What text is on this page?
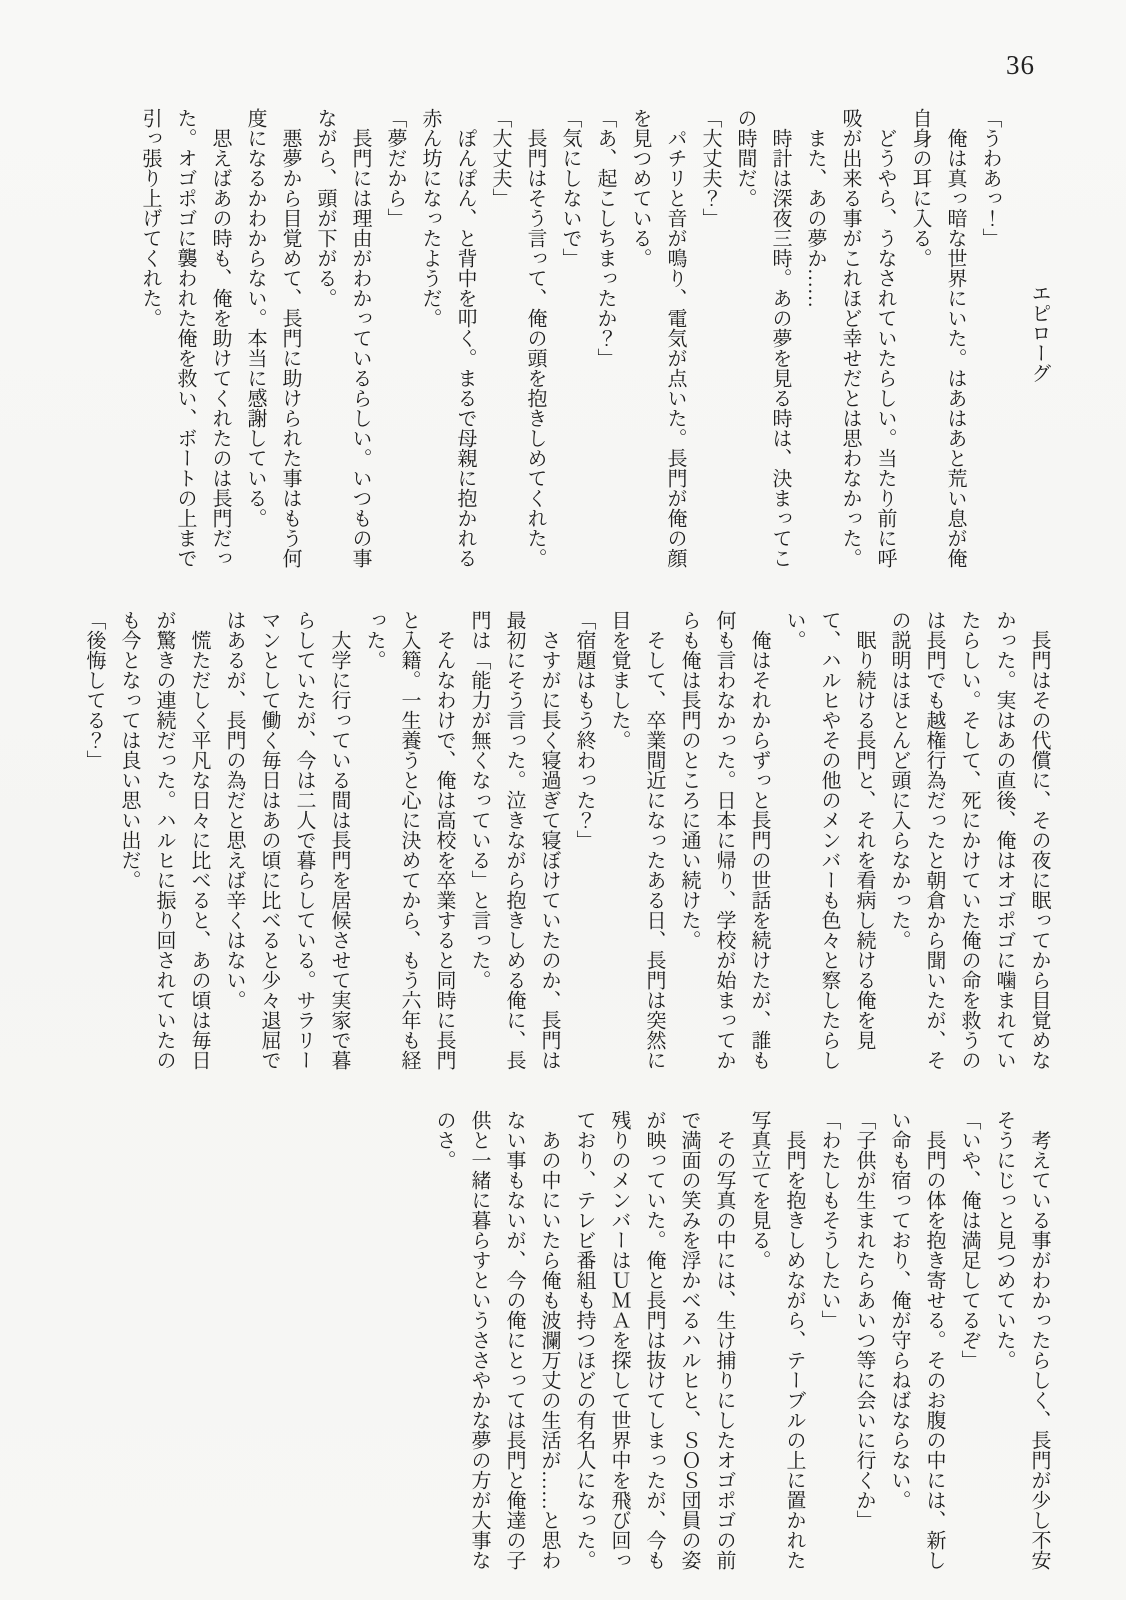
36

エピローグ

「うわあっ！」

俺は真っ暗な世界にいた。はあはあと荒い息が俺自身の耳に入る。

どうやら、うなされていたらしい。当たり前に呼吸が出来る事がこれほど幸せだとは思わなかった。

また、あの夢か……

時計は深夜三時。あの夢を見る時は、決まってこの時間だ。

「大丈夫？」

パチリと音が鳴り、電気が点いた。長門が俺の顔を見つめている。

「あ、起こしちまったか？」

「気にしないで」

長門はそう言って、俺の頭を抱きしめてくれた。

「大丈夫」

ぽんぽん、と背中を叩く。まるで母親に抱かれる赤ん坊になったようだ。

「夢だから」

長門には理由がわかっているらしい。いつもの事ながら、頭が下がる。

悪夢から目覚めて、長門に助けられた事はもう何度になるかわからない。本当に感謝している。

思えばあの時も、俺を助けてくれたのは長門だった。オゴポゴに襲われた俺を救い、ボートの上まで引っ張り上げてくれた。

長門はその代償に、その夜に眠ってから目覚めなかった。実はあの直後、俺はオゴポゴに噛まれていたらしい。そして、死にかけていた俺の命を救うのは長門でも越権行為だったと朝倉から聞いたが、その説明はほとんど頭に入らなかった。

眠り続ける長門と、それを看病し続ける俺を見て、ハルヒやその他のメンバーも色々と察したらしい。

俺はそれからずっと長門の世話を続けたが、誰も何も言わなかった。日本に帰り、学校が始まってからも俺は長門のところに通い続けた。

そして、卒業間近になったある日、長門は突然に目を覚ました。

「宿題はもう終わった？」

さすがに長く寝過ぎて寝ぼけていたのか、長門は最初にそう言った。泣きながら抱きしめる俺に、長門は「能力が無くなっている」と言った。

そんなわけで、俺は高校を卒業すると同時に長門と入籍。一生養うと心に決めてから、もう六年も経った。

大学に行っている間は長門を居候させて実家で暮らしていたが、今は二人で暮らしている。サラリーマンとして働く毎日はあの頃に比べると少々退屈ではあるが、長門の為だと思えば辛くはない。

慌ただしく平凡な日々に比べると、あの頃は毎日が驚きの連続だった。ハルヒに振り回されていたのも今となっては良い思い出だ。

「後悔してる？」

考えている事がわかったらしく、長門が少し不安そうにじっと見つめていた。

「いや、俺は満足してるぞ」

長門の体を抱き寄せる。そのお腹の中には、新しい命も宿っており、俺が守らねばならない。

「子供が生まれたらあいつ等に会いに行くか」

「わたしもそうしたい」

長門を抱きしめながら、テーブルの上に置かれた写真立てを見る。

その写真の中には、生け捕りにしたオゴポゴの前で満面の笑みを浮かべるハルヒと、ＳＯＳ団員の姿が映っていた。俺と長門は抜けてしまったが、今も残りのメンバーはＵＭＡを探して世界中を飛び回っており、テレビ番組も持つほどの有名人になった。

あの中にいたら俺も波瀾万丈の生活が……と思わない事もないが、今の俺にとっては長門と俺達の子供と一緒に暮らすというささやかな夢の方が大事なのさ。
